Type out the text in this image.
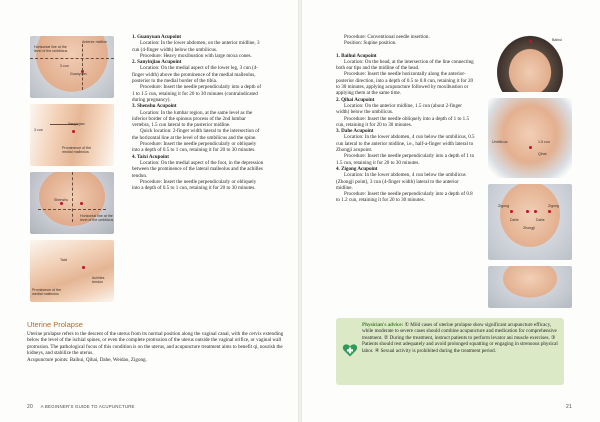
Horizontal line at the
level of the umbilicus
Anterior midline
3 cun
Guanyuan
3 cun
Prominence of the
medial malleolus
Sanyinjiao
Shenshu
Horizontal line at the
level of the umbilicus
Taixi
Achilles
tendon
Prominence of the
medial malleolus

1. Guanyuan Acupoint

Location: In the lower abdomen, on the anterior midline, 3 cun (4-finger width) below the umbilicus.

Procedure: Heavy moxibustion with large moxa cones.

2. Sanyinjiao Acupoint

Location: On the medial aspect of the lower leg, 3 cun (4-finger width) above the prominence of the medial malleolus, posterior to the medial border of the tibia.

Procedure: Insert the needle perpendicularly into a depth of 1 to 1.5 cun, retaining it for 20 to 30 minutes (contraindicated during pregnancy).

3. Shenshu Acupoint

Location: In the lumbar region, at the same level as the inferior border of the spinous process of the 2nd lumbar vertebra, 1.5 cun lateral to the posterior midline.

Quick location: 2-finger width lateral to the intersection of the horizontal line at the level of the umbilicus and the spine.

Procedure: Insert the needle perpendicularly or obliquely into a depth of 0.5 to 1 cun, retaining it for 20 to 30 minutes.

4. Taixi Acupoint

Location: On the medial aspect of the foot, in the depression between the prominence of the lateral malleolus and the achilles tendon.

Procedure: Insert the needle perpendicularly or obliquely into a depth of 0.5 to 1 cun, retaining it for 20 to 30 minutes.

Uterine Prolapse

Uterine prolapse refers to the descent of the uterus from its normal position along the vaginal canal, with the cervix extending below the level of the ischial spines, or even the complete protrusion of the uterus outside the vaginal orifice, or vaginal wall protrusion. The pathological focus of this condition is on the uterus, and acupuncture treatment aims to benefit qi, nourish the kidneys, and stabilize the uterus.

Acupuncture points: Baihui, Qihai, Dahe, Weidao, Zigong.

20 A BEGINNER'S GUIDE TO ACUPUNCTURE

Procedure: Conventional needle insertion.

Position: Supine position.

1. Baihui Acupoint

Location: On the head, at the intersection of the line connecting both ear tips and the midline of the head.

Procedure: Insert the needle horizontally along the anterior-posterior direction, into a depth of 0.5 to 0.8 cun, retaining it for 20 to 30 minutes, applying acupuncture followed by moxibustion or applying them at the same time.

2. Qihai Acupoint

Location: On the anterior midline, 1.5 cun (about 2-finger width) below the umbilicus.

Procedure: Insert the needle obliquely into a depth of 1 to 1.5 cun, retaining it for 20 to 30 minutes.

3. Dahe Acupoint

Location: In the lower abdomen, 4 cun below the umbilicus, 0.5 cun lateral to the anterior midline, i.e., half-a-finger width lateral to Zhongji acupoint.

Procedure: Insert the needle perpendicularly into a depth of 1 to 1.5 cun, retaining it for 20 to 30 minutes.

4. Zigong Acupoint

Location: In the lower abdomen, 4 cun below the umbilicus (Zhongji point), 3 cun (4-finger width) lateral to the anterior midline.

Procedure: Insert the needle perpendicularly into a depth of 0.8 to 1.2 cun, retaining it for 20 to 30 minutes.

Baihui
Umbilicus	1.5 cun
Qihai
Zigong
Dahe
Zigong
Dahe
Zhongji
21
Physician's advice: ① Mild cases of uterine prolapse show significant acupuncture efficacy, while moderate to severe cases should combine acupuncture and medication for comprehensive treatment. ② During the treatment, instruct patients to perform levator ani muscle exercises. ③ Patients should rest adequately and avoid prolonged squatting or engaging in strenuous physical labor. ④ Sexual activity is prohibited during the treatment period.
